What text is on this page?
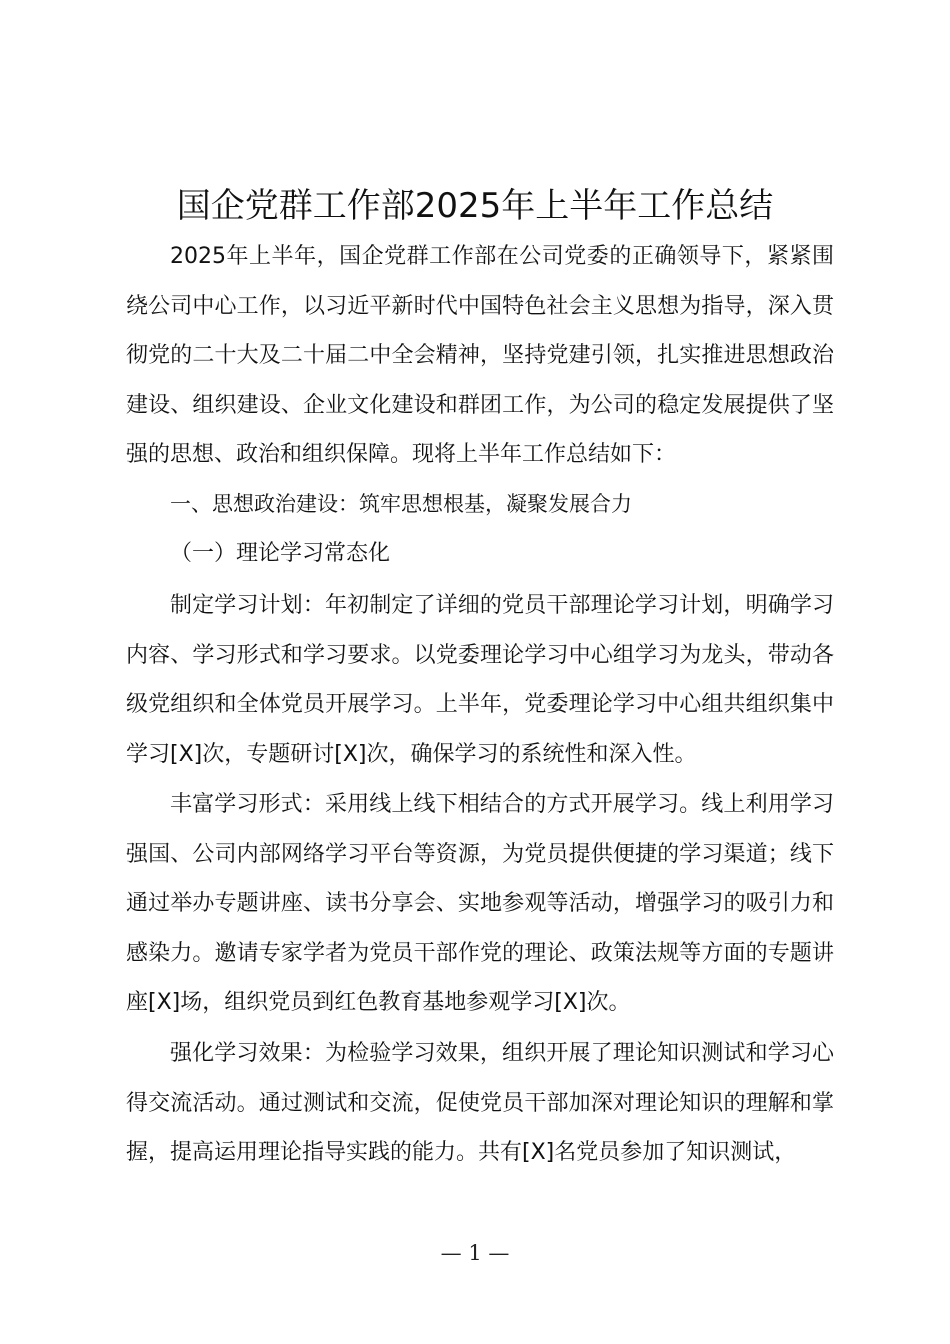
国企党群工作部2025年上半年工作总结

2025年上半年，国企党群工作部在公司党委的正确领导下，紧紧围绕公司中心工作，以习近平新时代中国特色社会主义思想为指导，深入贯彻党的二十大及二十届二中全会精神，坚持党建引领，扎实推进思想政治建设、组织建设、企业文化建设和群团工作，为公司的稳定发展提供了坚强的思想、政治和组织保障。现将上半年工作总结如下：

一、思想政治建设：筑牢思想根基，凝聚发展合力

（一）理论学习常态化

制定学习计划：年初制定了详细的党员干部理论学习计划，明确学习内容、学习形式和学习要求。以党委理论学习中心组学习为龙头，带动各级党组织和全体党员开展学习。上半年，党委理论学习中心组共组织集中学习[X]次，专题研讨[X]次，确保学习的系统性和深入性。

丰富学习形式：采用线上线下相结合的方式开展学习。线上利用学习强国、公司内部网络学习平台等资源，为党员提供便捷的学习渠道；线下通过举办专题讲座、读书分享会、实地参观等活动，增强学习的吸引力和感染力。邀请专家学者为党员干部作党的理论、政策法规等方面的专题讲座[X]场，组织党员到红色教育基地参观学习[X]次。

强化学习效果：为检验学习效果，组织开展了理论知识测试和学习心得交流活动。通过测试和交流，促使党员干部加深对理论知识的理解和掌握，提高运用理论指导实践的能力。共有[X]名党员参加了知识测试，

— 1 —
